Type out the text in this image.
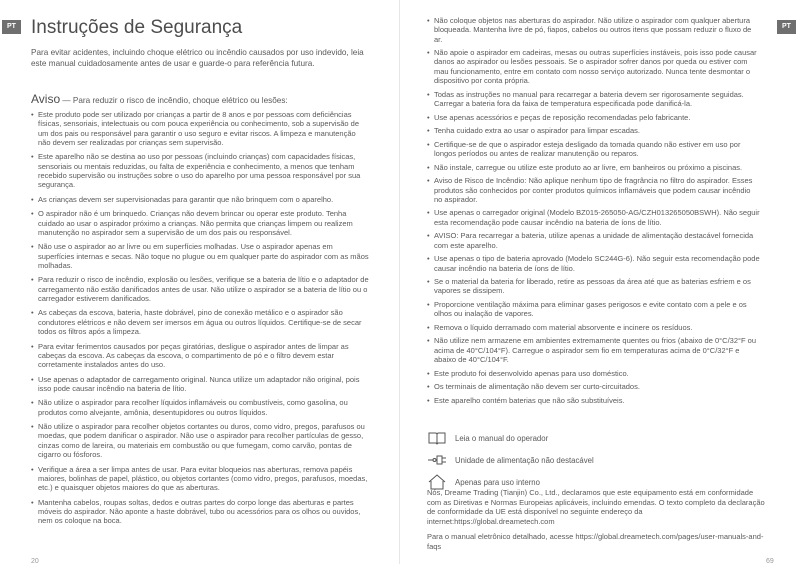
PT Instruções de Segurança

Para evitar acidentes, incluindo choque elétrico ou incêndio causados por uso indevido, leia este manual cuidadosamente antes de usar e guarde-o para referência futura.

Aviso — Para reduzir o risco de incêndio, choque elétrico ou lesões:

• Este produto pode ser utilizado por crianças a partir de 8 anos e por pessoas com deficiências físicas, sensoriais, intelectuais ou com pouca experiência ou conhecimento, sob a supervisão de um dos pais ou responsável para garantir o uso seguro e evitar riscos. A limpeza e manutenção não devem ser realizadas por crianças sem supervisão.
• Este aparelho não se destina ao uso por pessoas (incluindo crianças) com capacidades físicas, sensoriais ou mentais reduzidas, ou falta de experiência e conhecimento, a menos que tenham recebido supervisão ou instruções sobre o uso do aparelho por uma pessoa responsável por sua segurança.
• As crianças devem ser supervisionadas para garantir que não brinquem com o aparelho.
• O aspirador não é um brinquedo. Crianças não devem brincar ou operar este produto. Tenha cuidado ao usar o aspirador próximo a crianças. Não permita que crianças limpem ou realizem manutenção no aspirador sem a supervisão de um dos pais ou responsável.
• Não use o aspirador ao ar livre ou em superfícies molhadas. Use o aspirador apenas em superfícies internas e secas. Não toque no plugue ou em qualquer parte do aspirador com as mãos molhadas.
• Para reduzir o risco de incêndio, explosão ou lesões, verifique se a bateria de lítio e o adaptador de carregamento não estão danificados antes de usar. Não utilize o aspirador se a bateria de lítio ou o carregador estiverem danificados.
• As cabeças da escova, bateria, haste dobrável, pino de conexão metálico e o aspirador são condutores elétricos e não devem ser imersos em água ou outros líquidos. Certifique-se de secar todos os filtros após a limpeza.
• Para evitar ferimentos causados por peças giratórias, desligue o aspirador antes de limpar as cabeças da escova. As cabeças da escova, o compartimento de pó e o filtro devem estar corretamente instalados antes do uso.
• Use apenas o adaptador de carregamento original. Nunca utilize um adaptador não original, pois isso pode causar incêndio na bateria de lítio.
• Não utilize o aspirador para recolher líquidos inflamáveis ou combustíveis, como gasolina, ou produtos como alvejante, amônia, desentupidores ou outros líquidos.
• Não utilize o aspirador para recolher objetos cortantes ou duros, como vidro, pregos, parafusos ou moedas, que podem danificar o aspirador. Não use o aspirador para recolher partículas de gesso, cinzas como de lareira, ou materiais em combustão ou que fumegam, como carvão, pontas de cigarro ou fósforos.
• Verifique a área a ser limpa antes de usar. Para evitar bloqueios nas aberturas, remova papéis maiores, bolinhas de papel, plástico, ou objetos cortantes (como vidro, pregos, parafusos, moedas, etc.) e quaisquer objetos maiores do que as aberturas.
• Mantenha cabelos, roupas soltas, dedos e outras partes do corpo longe das aberturas e partes móveis do aspirador. Não aponte a haste dobrável, tubo ou acessórios para os olhos ou ouvidos, nem os coloque na boca.
20
PT
• Não coloque objetos nas aberturas do aspirador. Não utilize o aspirador com qualquer abertura bloqueada. Mantenha livre de pó, fiapos, cabelos ou outros itens que possam reduzir o fluxo de ar.
• Não apoie o aspirador em cadeiras, mesas ou outras superfícies instáveis, pois isso pode causar danos ao aspirador ou lesões pessoais. Se o aspirador sofrer danos por queda ou estiver com mau funcionamento, entre em contato com nosso serviço autorizado. Nunca tente desmontar o dispositivo por conta própria.
• Todas as instruções no manual para recarregar a bateria devem ser rigorosamente seguidas. Carregar a bateria fora da faixa de temperatura especificada pode danificá-la.
• Use apenas acessórios e peças de reposição recomendadas pelo fabricante.
• Tenha cuidado extra ao usar o aspirador para limpar escadas.
• Certifique-se de que o aspirador esteja desligado da tomada quando não estiver em uso por longos períodos ou antes de realizar manutenção ou reparos.
• Não instale, carregue ou utilize este produto ao ar livre, em banheiros ou próximo a piscinas.
• Aviso de Risco de Incêndio: Não aplique nenhum tipo de fragrância no filtro do aspirador. Esses produtos são conhecidos por conter produtos químicos inflamáveis que podem causar incêndio no aspirador.
• Use apenas o carregador original (Modelo BZ015-265050-AG/CZH013265050BSWH). Não seguir esta recomendação pode causar incêndio na bateria de íons de lítio.
• AVISO: Para recarregar a bateria, utilize apenas a unidade de alimentação destacável fornecida com este aparelho.
• Use apenas o tipo de bateria aprovado (Modelo SC244G-6). Não seguir esta recomendação pode causar incêndio na bateria de íons de lítio.
• Se o material da bateria for liberado, retire as pessoas da área até que as baterias esfriem e os vapores se dissipem.
• Proporcione ventilação máxima para eliminar gases perigosos e evite contato com a pele e os olhos ou inalação de vapores.
• Remova o líquido derramado com material absorvente e incinere os resíduos.
• Não utilize nem armazene em ambientes extremamente quentes ou frios (abaixo de 0°C/32°F ou acima de 40°C/104°F). Carregue o aspirador sem fio em temperaturas acima de 0°C/32°F e abaixo de 40°C/104°F.
• Este produto foi desenvolvido apenas para uso doméstico.
• Os terminais de alimentação não devem ser curto-circuitados.
• Este aparelho contém baterias que não são substituíveis.
Leia o manual do operador
Unidade de alimentação não destacável
Apenas para uso interno

Nós, Dreame Trading (Tianjin) Co., Ltd., declaramos que este equipamento está em conformidade com as Diretivas e Normas Europeias aplicáveis, incluindo emendas. O texto completo da declaração de conformidade da UE está disponível no seguinte endereço da internet:https://global.dreametech.com

Para o manual eletrônico detalhado, acesse https://global.dreametech.com/pages/user-manuals-and-faqs

69
